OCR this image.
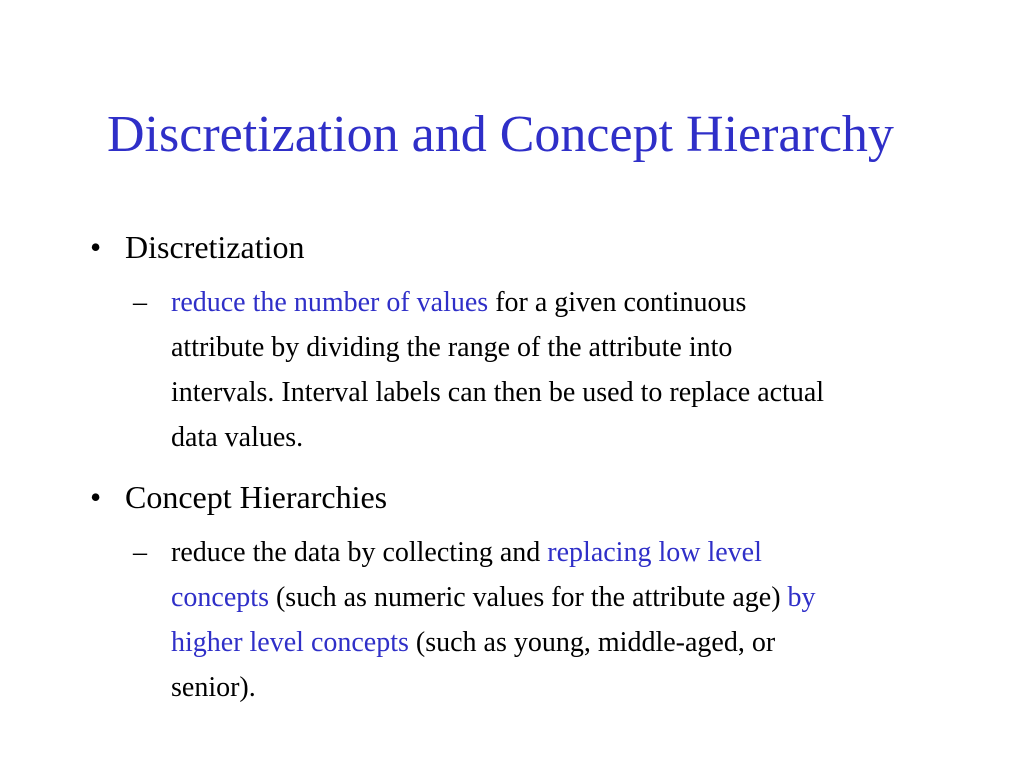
Discretization and Concept Hierarchy
• Discretization
– reduce the number of values for a given continuous
attribute by dividing the range of the attribute into
intervals. Interval labels can then be used to replace actual
data values.
• Concept Hierarchies
– reduce the data by collecting and replacing low level
concepts (such as numeric values for the attribute age) by
higher level concepts (such as young, middle-aged, or
senior).
